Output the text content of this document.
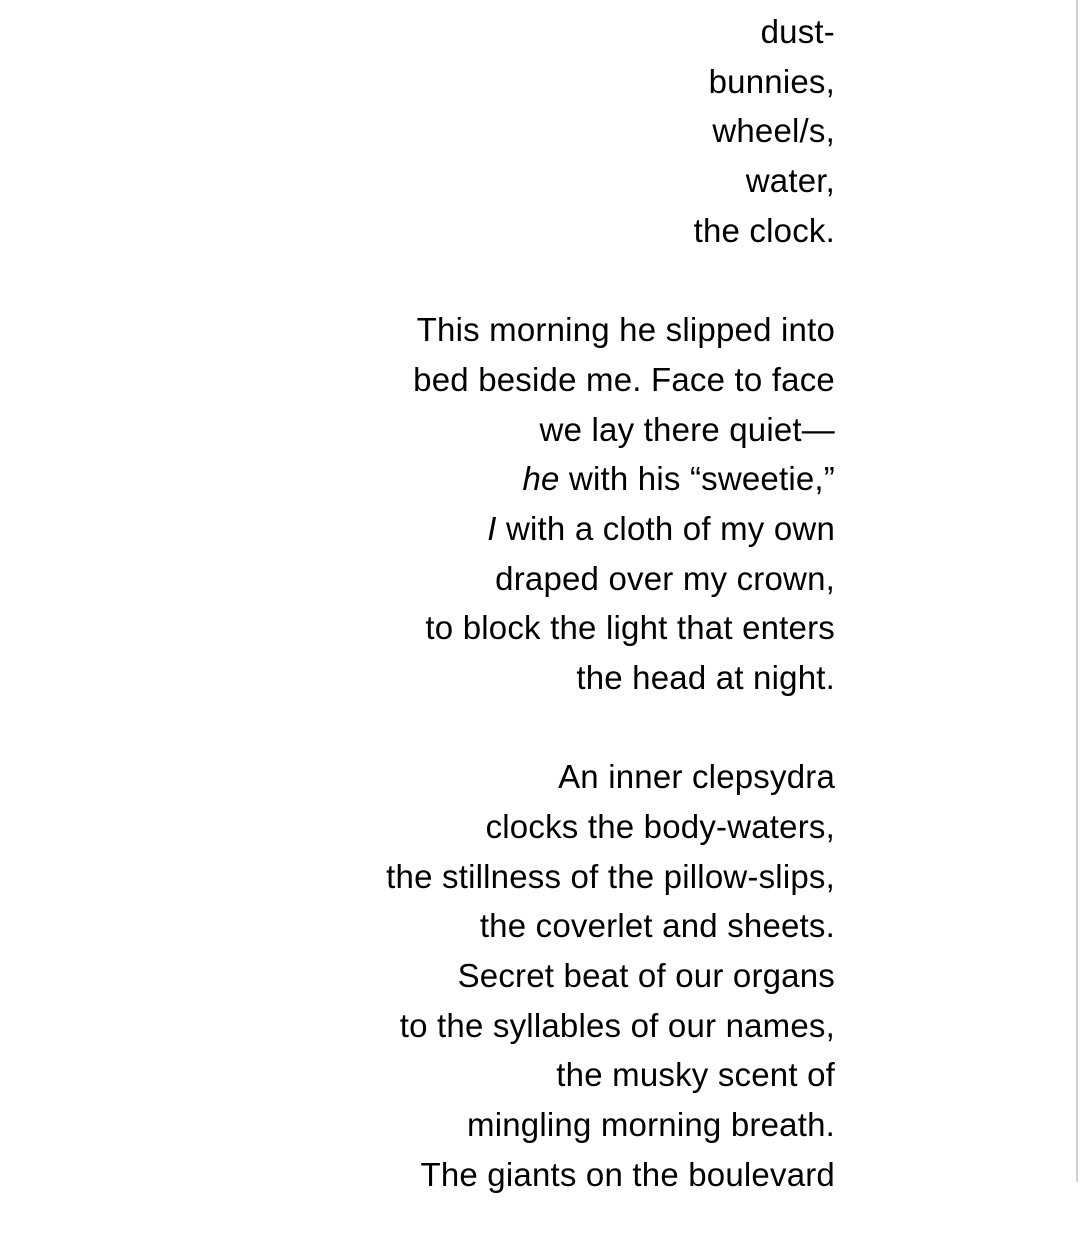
dust-
bunnies,
wheel/s,
water,
the clock.
This morning he slipped into
bed beside me. Face to face
we lay there quiet—
he with his “sweetie,”
I with a cloth of my own
draped over my crown,
to block the light that enters
the head at night.
An inner clepsydra
clocks the body-waters,
the stillness of the pillow-slips,
the coverlet and sheets.
Secret beat of our organs
to the syllables of our names,
the musky scent of
mingling morning breath.
The giants on the boulevard
